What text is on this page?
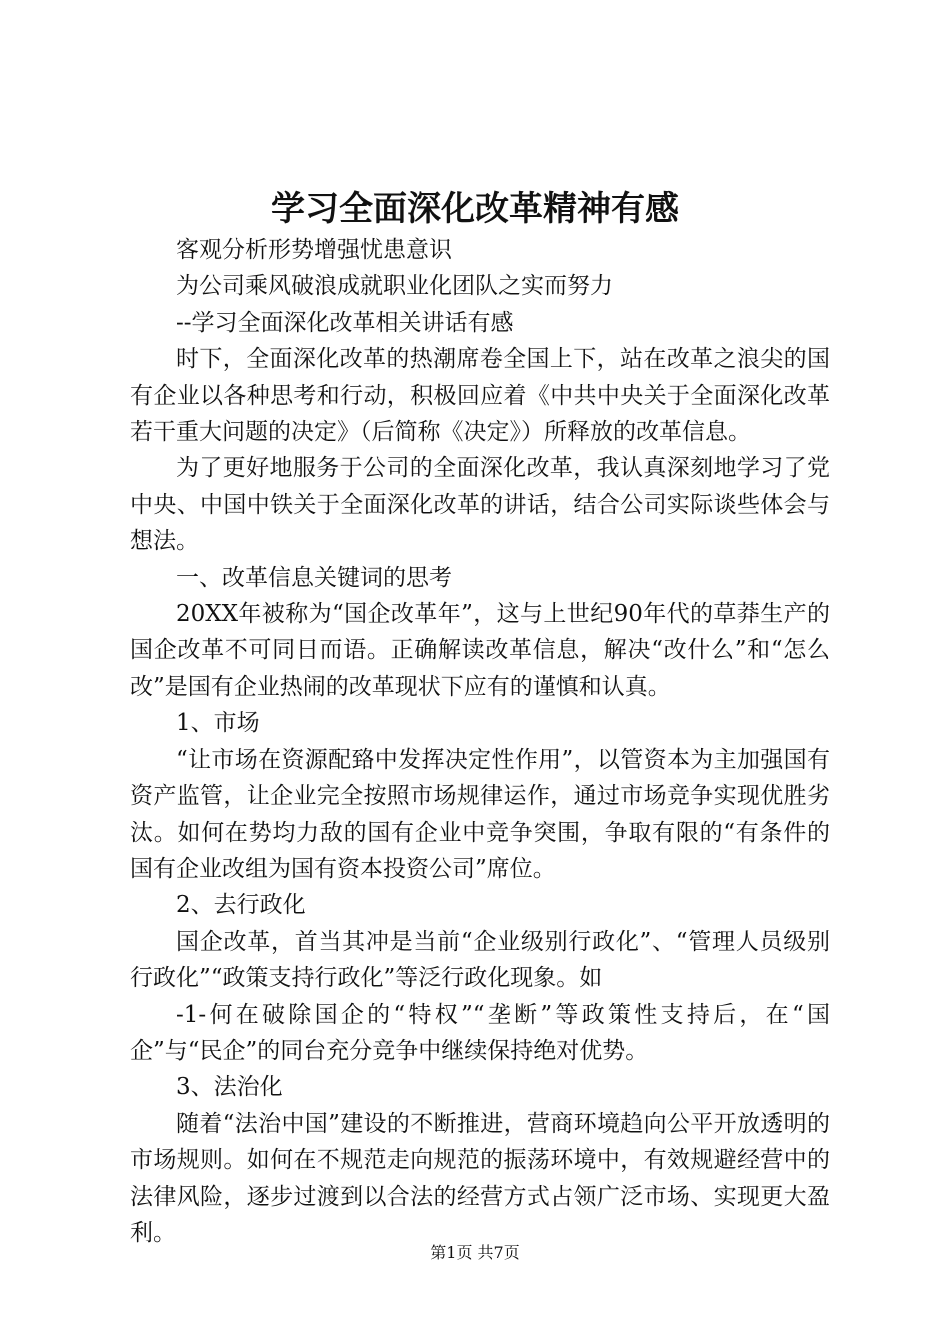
学习全面深化改革精神有感

客观分析形势增强忧患意识

为公司乘风破浪成就职业化团队之实而努力

--学习全面深化改革相关讲话有感

时下，全面深化改革的热潮席卷全国上下，站在改革之浪尖的国有企业以各种思考和行动，积极回应着《中共中央关于全面深化改革若干重大问题的决定》（后简称《决定》）所释放的改革信息。

为了更好地服务于公司的全面深化改革，我认真深刻地学习了党中央、中国中铁关于全面深化改革的讲话，结合公司实际谈些体会与想法。

一、改革信息关键词的思考

20XX年被称为“国企改革年”，这与上世纪90年代的草莽生产的国企改革不可同日而语。正确解读改革信息，解决“改什么”和“怎么改”是国有企业热闹的改革现状下应有的谨慎和认真。

1、市场

“让市场在资源配臵中发挥决定性作用”，以管资本为主加强国有资产监管，让企业完全按照市场规律运作，通过市场竞争实现优胜劣汰。如何在势均力敌的国有企业中竞争突围，争取有限的“有条件的国有企业改组为国有资本投资公司”席位。

2、去行政化

国企改革，首当其冲是当前“企业级别行政化”、“管理人员级别行政化”“政策支持行政化”等泛行政化现象。如

-1-何在破除国企的“特权”“垄断”等政策性支持后，在“国企”与“民企”的同台充分竞争中继续保持绝对优势。

3、法治化

随着“法治中国”建设的不断推进，营商环境趋向公平开放透明的市场规则。如何在不规范走向规范的振荡环境中，有效规避经营中的法律风险，逐步过渡到以合法的经营方式占领广泛市场、实现更大盈利。

第1页 共7页
